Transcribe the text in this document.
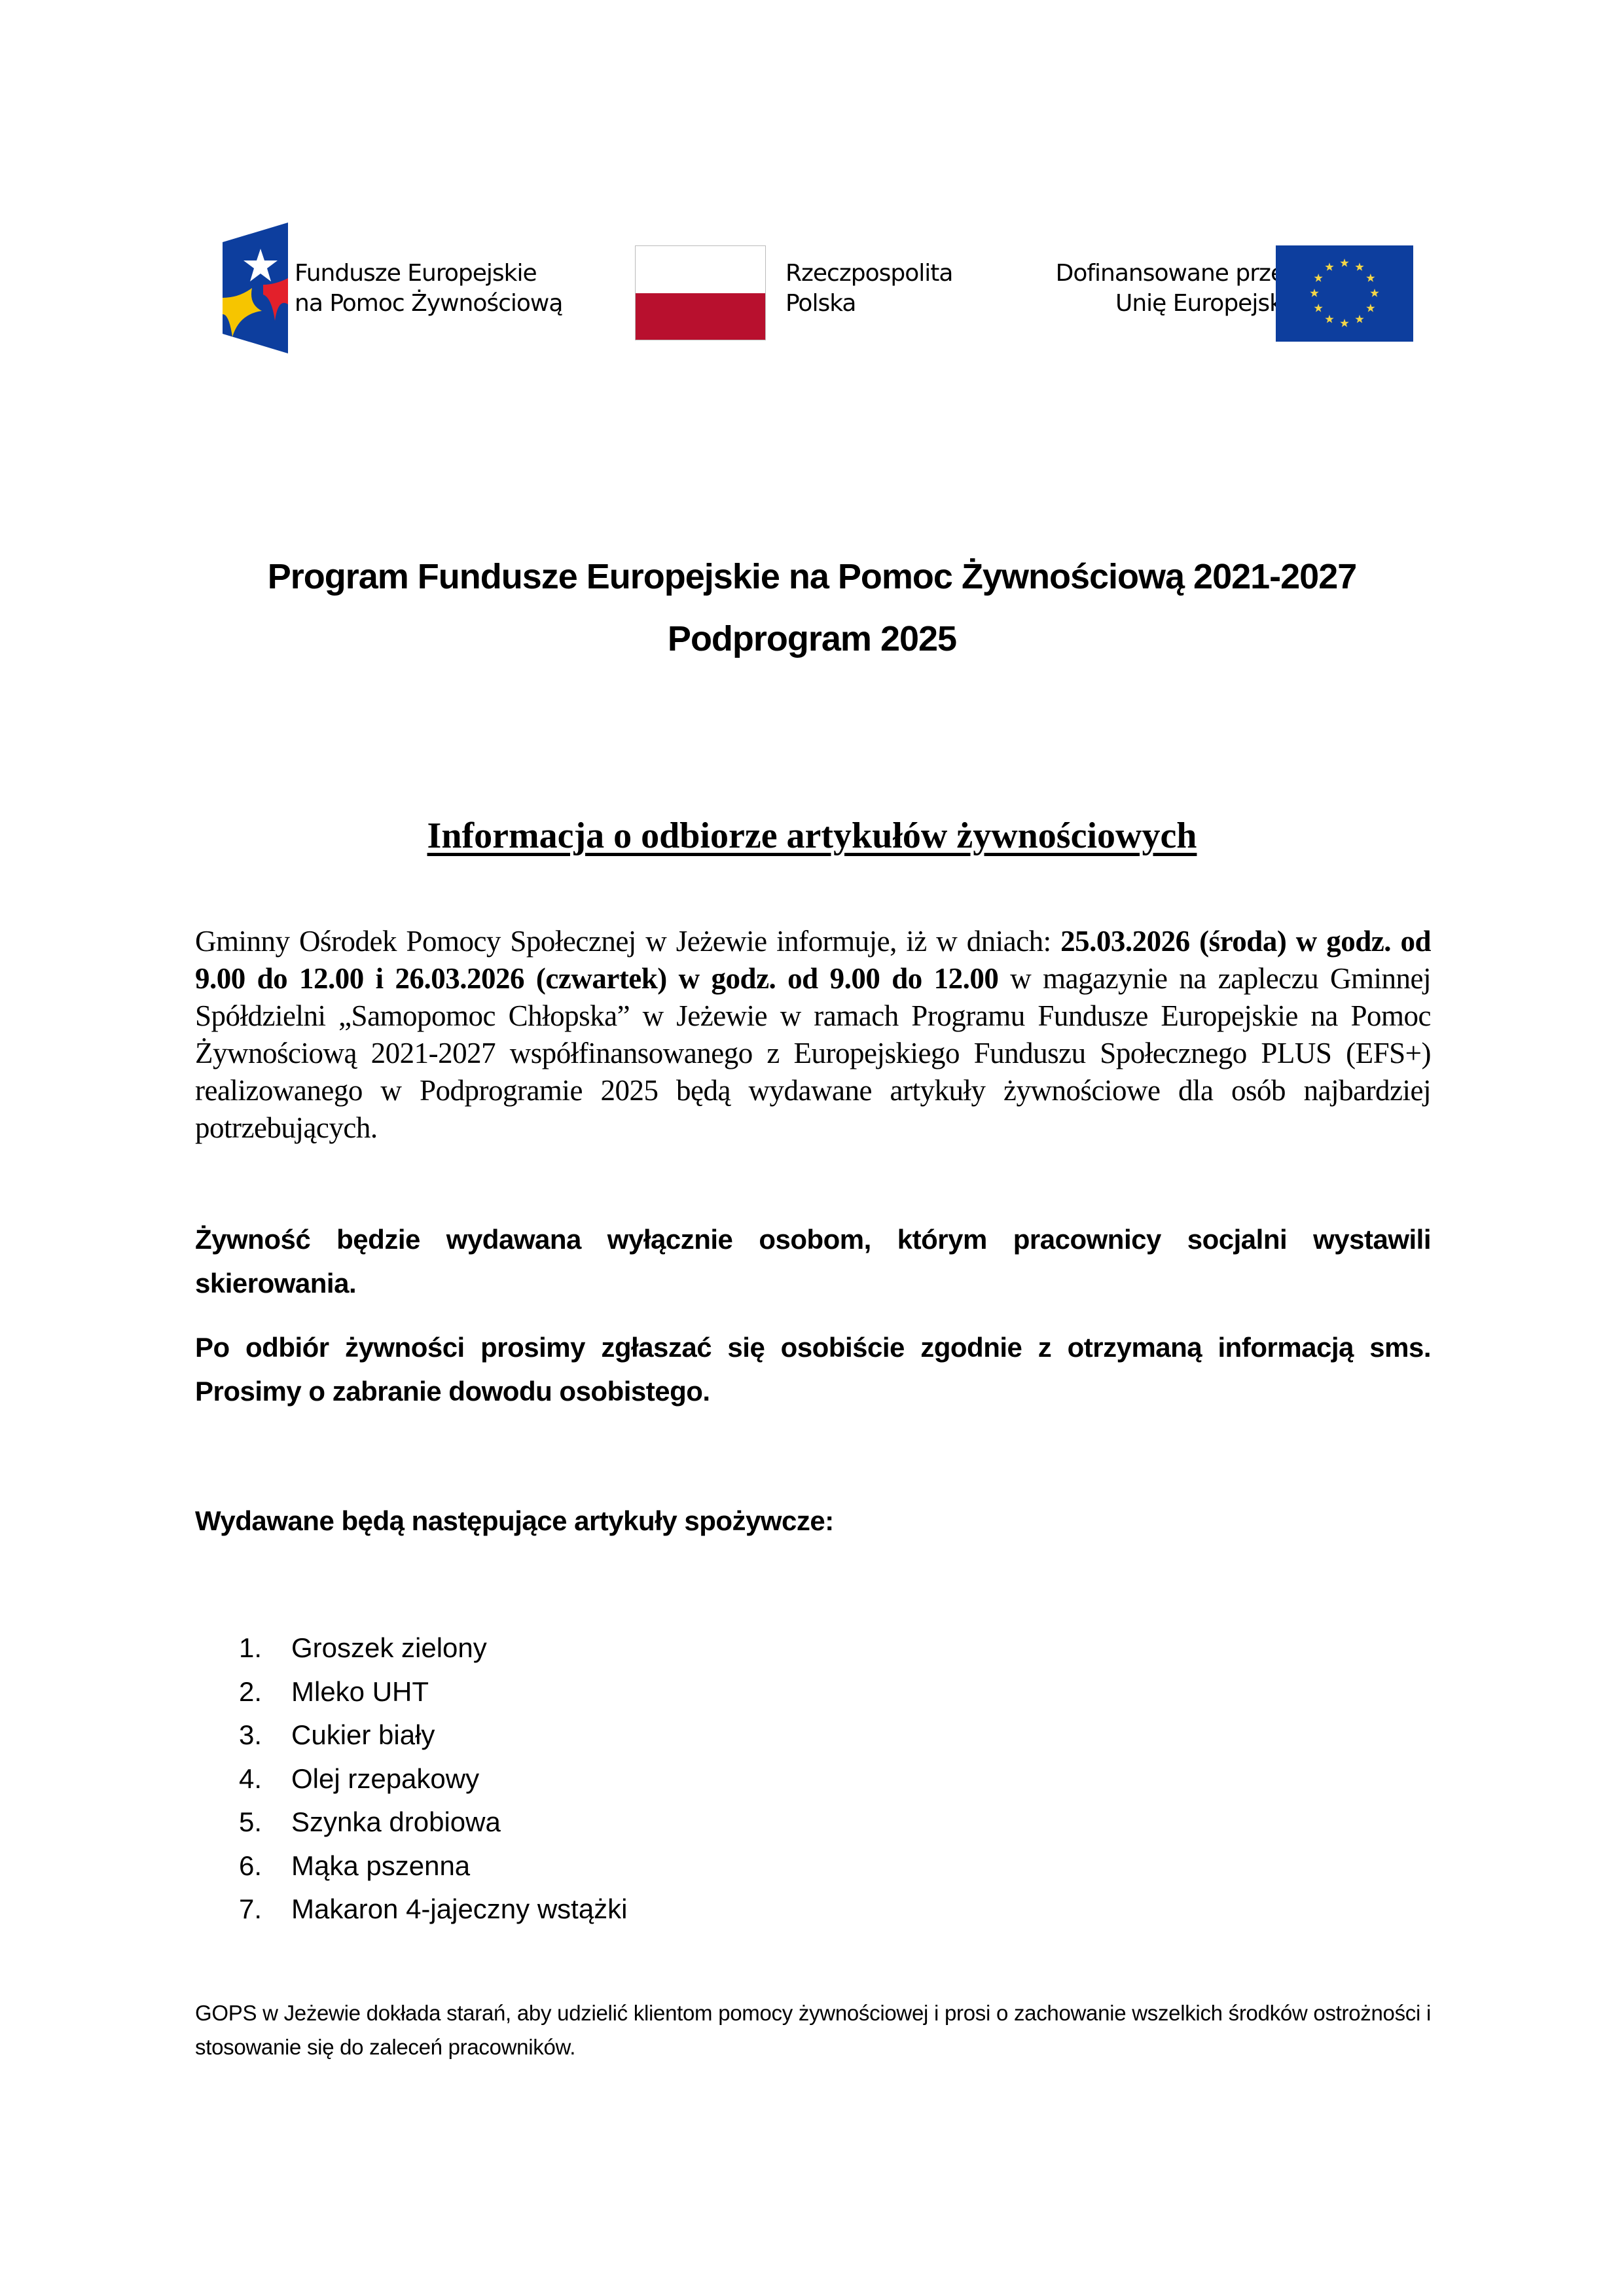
Fundusze Europejskie
na Pomoc Żywnościową
Rzeczpospolita
Polska
Dofinansowane przez
Unię Europejską
Program Fundusze Europejskie na Pomoc Żywnościową 2021-2027
Podprogram 2025
Informacja o odbiorze artykułów żywnościowych
Gminny Ośrodek Pomocy Społecznej w Jeżewie informuje, iż w dniach: 25.03.2026 (środa) w godz. od 9.00 do 12.00 i 26.03.2026 (czwartek) w godz. od 9.00 do 12.00 w magazynie na zapleczu Gminnej Spółdzielni „Samopomoc Chłopska” w Jeżewie w ramach Programu Fundusze Europejskie na Pomoc Żywnościową 2021-2027 współfinansowanego z Europejskiego Funduszu Społecznego PLUS (EFS+) realizowanego w Podprogramie 2025 będą wydawane artykuły żywnościowe dla osób najbardziej potrzebujących.
Żywność będzie wydawana wyłącznie osobom, którym pracownicy socjalni wystawili skierowania.
Po odbiór żywności prosimy zgłaszać się osobiście zgodnie z otrzymaną informacją sms. Prosimy o zabranie dowodu osobistego.
Wydawane będą następujące artykuły spożywcze:
1.	Groszek zielony
2.	Mleko UHT
3.	Cukier biały
4.	Olej rzepakowy
5.	Szynka drobiowa
6.	Mąka pszenna
7.	Makaron 4-jajeczny wstążki
GOPS w Jeżewie dokłada starań, aby udzielić klientom pomocy żywnościowej i prosi o zachowanie wszelkich środków ostrożności i stosowanie się do zaleceń pracowników.
